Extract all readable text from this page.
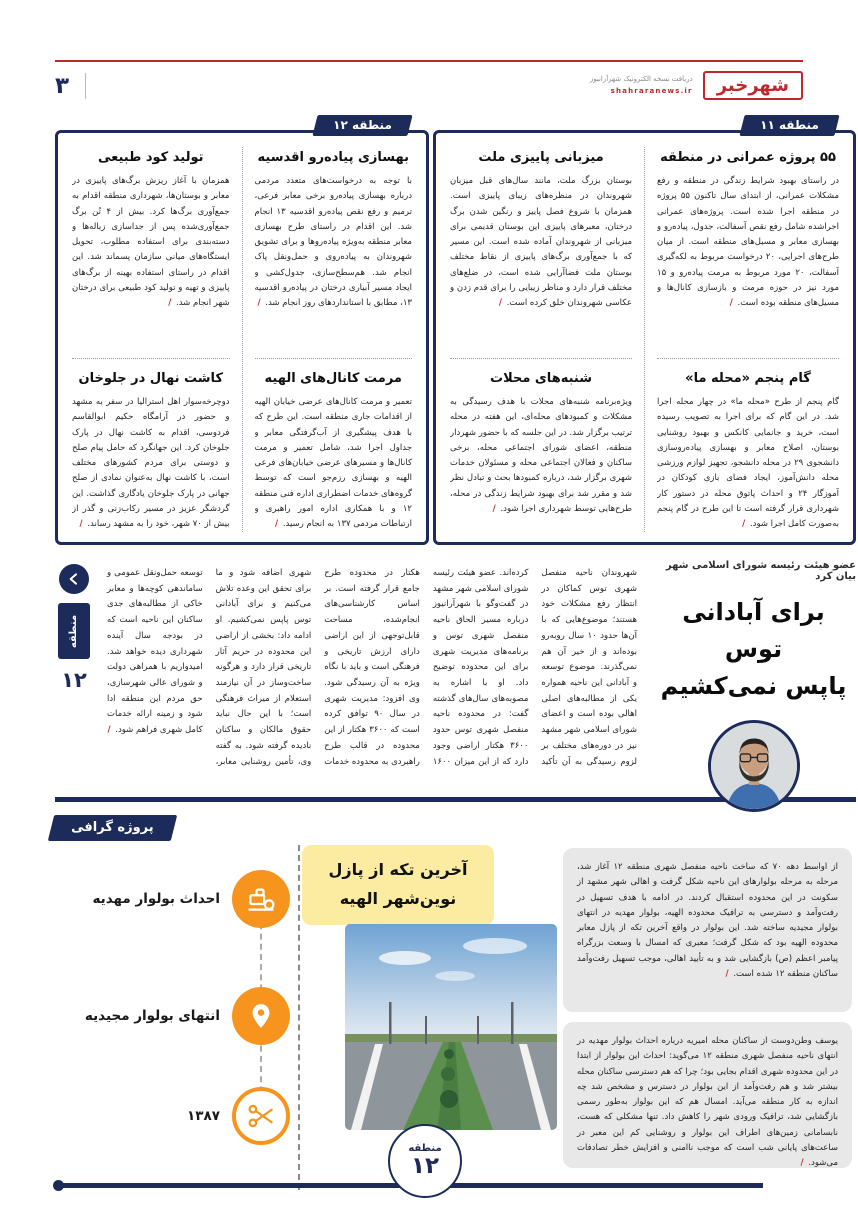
شهرخبر
دریافت نسخه الکترونیک شهرآرانیوز
shahraranews.ir
۳
منطقه ۱۱
۵۵ پروژه عمرانی در منطقه

در راستای بهبود شرایط زندگی در منطقه و رفع مشکلات عمرانی، از ابتدای سال تاکنون ۵۵ پروژه در منطقه اجرا شده است. پروژه‌های عمرانی اجراشده شامل رفع نقص آسفالت، جدول، پیاده‌رو و بهسازی معابر و مسیل‌های منطقه است. از میان طرح‌های اجرایی، ۲۰ درخواست مربوط به لکه‌گیری آسفالت، ۲۰ مورد مربوط به مرمت پیاده‌رو و ۱۵ مورد نیز در حوزه مرمت و بازسازی کانال‌ها و مسیل‌های منطقه بوده است. /

گام پنجم «محله ما»

گام پنجم از طرح «محله ما» در چهار محله اجرا شد. در این گام که برای اجرا به تصویب رسیده است، خرید و جانمایی کانکس و بهبود روشنایی بوستان، اصلاح معابر و بهسازی پیاده‌روسازی دانشجوی ۲۹ در محله دانشجو، تجهیز لوازم ورزشی محله دانش‌آموز، ایجاد فضای بازی کودکان در آموزگار ۲۴ و احداث پاتوق محله در دستور کار شهرداری قرار گرفته است تا این طرح در گام پنجم به‌صورت کامل اجرا شود. /

میزبانی پاییزی ملت

بوستان بزرگ ملت، مانند سال‌های قبل میزبان شهروندان در منظره‌های زیبای پاییزی است. همزمان با شروع فصل پاییز و رنگین شدن برگ درختان، معبرهای پاییزی این بوستان قدیمی برای میزبانی از شهروندان آماده شده است. این مسیر که با جمع‌آوری برگ‌های پاییزی از نقاط مختلف بوستان ملت فضاآرایی شده است، در ضلع‌های مختلف قرار دارد و مناظر زیبایی را برای قدم زدن و عکاسی شهروندان خلق کرده است. /

شنبه‌های محلات

ویژه‌برنامه شنبه‌های محلات با هدف رسیدگی به مشکلات و کمبودهای محله‌ای، این هفته در محله ترتیب برگزار شد. در این جلسه که با حضور شهردار منطقه، اعضای شورای اجتماعی محله، برخی ساکنان و فعالان اجتماعی محله و مسئولان خدمات شهری برگزار شد، درباره کمبودها بحث و تبادل نظر شد و مقرر شد برای بهبود شرایط زندگی در محله، طرح‌هایی توسط شهرداری اجرا شود. /

منطقه ۱۲
بهسازی پیاده‌رو اقدسیه

با توجه به درخواست‌های متعدد مردمی درباره بهسازی پیاده‌رو برخی معابر فرعی، ترمیم و رفع نقص پیاده‌رو اقدسیه ۱۳ انجام شد. این اقدام در راستای طرح بهسازی معابر منطقه به‌ویژه پیاده‌روها و برای تشویق شهروندان به پیاده‌روی و حمل‌ونقل پاک انجام شد. هم‌سطح‌سازی، جدول‌کشی و ایجاد مسیر آبیاری درختان در پیاده‌رو اقدسیه ۱۳، مطابق با استانداردهای روز انجام شد. /

مرمت کانال‌های الهیه

تعمیر و مرمت کانال‌های عرضی خیابان الهیه از اقدامات جاری منطقه است. این طرح که با هدف پیشگیری از آب‌گرفتگی معابر و جداول اجرا شد، شامل تعمیر و مرمت کانال‌ها و مسیرهای عرضی خیابان‌های فرعی الهیه و بهسازی رزم‌جو است که توسط گروه‌های خدمات اضطراری اداره فنی منطقه ۱۲ و با همکاری اداره امور راهبری و ارتباطات مردمی ۱۳۷ به انجام رسید. /

تولید کود طبیعی

همزمان با آغاز ریزش برگ‌های پاییزی در معابر و بوستان‌ها، شهرداری منطقه اقدام به جمع‌آوری برگ‌ها کرد. بیش از ۴ تُن برگ جمع‌آوری‌شده پس از جداسازی زباله‌ها و دسته‌بندی برای استفاده مطلوب، تحویل ایستگاه‌های میانی سازمان پسماند شد. این اقدام در راستای استفاده بهینه از برگ‌های پاییزی و تهیه و تولید کود طبیعی برای درختان شهر انجام شد. /

کاشت نهال در جلوخان

دوچرخه‌سوار اهل استرالیا در سفر به مشهد و حضور در آرامگاه حکیم ابوالقاسم فردوسی، اقدام به کاشت نهال در پارک جلوخان کرد. این جهانگرد که حامل پیام صلح و دوستی برای مردم کشورهای مختلف است، با کاشت نهال به‌عنوان نمادی از صلح جهانی در پارک جلوخان یادگاری گذاشت. این گردشگر عزیز در مسیر رکاب‌زنی و گذر از بیش از ۷۰ شهر، خود را به مشهد رساند. /

عضو هیئت رئیسه شورای اسلامی شهر بیان کرد
برای آبادانی توس
پاپس نمی‌کشیم
شهروندان ناحیه منفصل شهری توس کماکان در انتظار رفع مشکلات خود هستند؛ موضوع‌هایی که با آن‌ها حدود ۱۰ سال روبه‌رو بوده‌اند و از خیر آن هم نمی‌گذرند. موضوع توسعه و آبادانی این ناحیه همواره یکی از مطالبه‌های اصلی اهالی بوده است و اعضای شورای اسلامی شهر مشهد نیز در دوره‌های مختلف بر لزوم رسیدگی به آن تأکید کرده‌اند. عضو هیئت رئیسه شورای اسلامی شهر مشهد در گفت‌وگو با شهرآرانیوز درباره مسیر الحاق ناحیه منفصل شهری توس و برنامه‌های مدیریت شهری برای این محدوده توضیح داد. او با اشاره به مصوبه‌های سال‌های گذشته گفت: در محدوده ناحیه منفصل شهری توس حدود ۳۶۰۰ هکتار اراضی وجود دارد که از این میزان ۱۶۰۰ هکتار در محدوده طرح جامع قرار گرفته است. بر اساس کارشناسی‌های انجام‌شده، مساحت قابل‌توجهی از این اراضی دارای ارزش تاریخی و فرهنگی است و باید با نگاه ویژه به آن رسیدگی شود. وی افزود: مدیریت شهری در سال ۹۰ توافق کرده است که ۳۶۰۰ هکتار از این محدوده در قالب طرح راهبردی به محدوده خدمات شهری اضافه شود و ما برای تحقق این وعده تلاش می‌کنیم و برای آبادانی توس پاپس نمی‌کشیم. او ادامه داد: بخشی از اراضی این محدوده در حریم آثار تاریخی قرار دارد و هرگونه ساخت‌وساز در آن نیازمند استعلام از میراث فرهنگی است؛ با این حال نباید حقوق مالکان و ساکنان نادیده گرفته شود. به گفته وی، تأمین روشنایی معابر، توسعه حمل‌ونقل عمومی و ساماندهی کوچه‌ها و معابر خاکی از مطالبه‌های جدی ساکنان این ناحیه است که در بودجه سال آینده شهرداری دیده خواهد شد. امیدواریم با همراهی دولت و شورای عالی شهرسازی، حق مردم این منطقه ادا شود و زمینه ارائه خدمات کامل شهری فراهم شود. /
منطقه
۱۲
پروژه گرافی
از اواسط دهه ۷۰ که ساخت ناحیه منفصل شهری منطقه ۱۲ آغاز شد، مرحله به مرحله بولوارهای این ناحیه شکل گرفت و اهالی شهر مشهد از سکونت در این محدوده استقبال کردند. در ادامه با هدف تسهیل در رفت‌وآمد و دسترسی به ترافیک محدوده الهیه، بولوار مهدیه در انتهای بولوار مجیدیه ساخته شد. این بولوار در واقع آخرین تکه از پازل معابر محدوده الهیه بود که شکل گرفت؛ معبری که امسال با وسعت بزرگراه پیامبر اعظم (ص) بازگشایی شد و به تأیید اهالی، موجب تسهیل رفت‌وآمد ساکنان منطقه ۱۲ شده است. /
یوسف وطن‌دوست از ساکنان محله امیریه درباره احداث بولوار مهدیه در انتهای ناحیه منفصل شهری منطقه ۱۲ می‌گوید: احداث این بولوار از ابتدا در این محدوده شهری اقدام بجایی بود؛ چرا که هم دسترسی ساکنان محله بیشتر شد و هم رفت‌وآمد از این بولوار در دسترس و مشخص شد چه اندازه به کار منطقه می‌آید. امسال هم که این بولوار به‌طور رسمی بازگشایی شد، ترافیک ورودی شهر را کاهش داد. تنها مشکلی که هست، نابسامانی زمین‌های اطراف این بولوار و روشنایی کم این معبر در ساعت‌های پایانی شب است که موجب ناامنی و افزایش خطر تصادفات می‌شود. /
آخرین تکه از پازل
نوین‌شهر الهیه
احداث بولوار مهدیه
انتهای بولوار مجیدیه
۱۳۸۷
منطقه
۱۲
